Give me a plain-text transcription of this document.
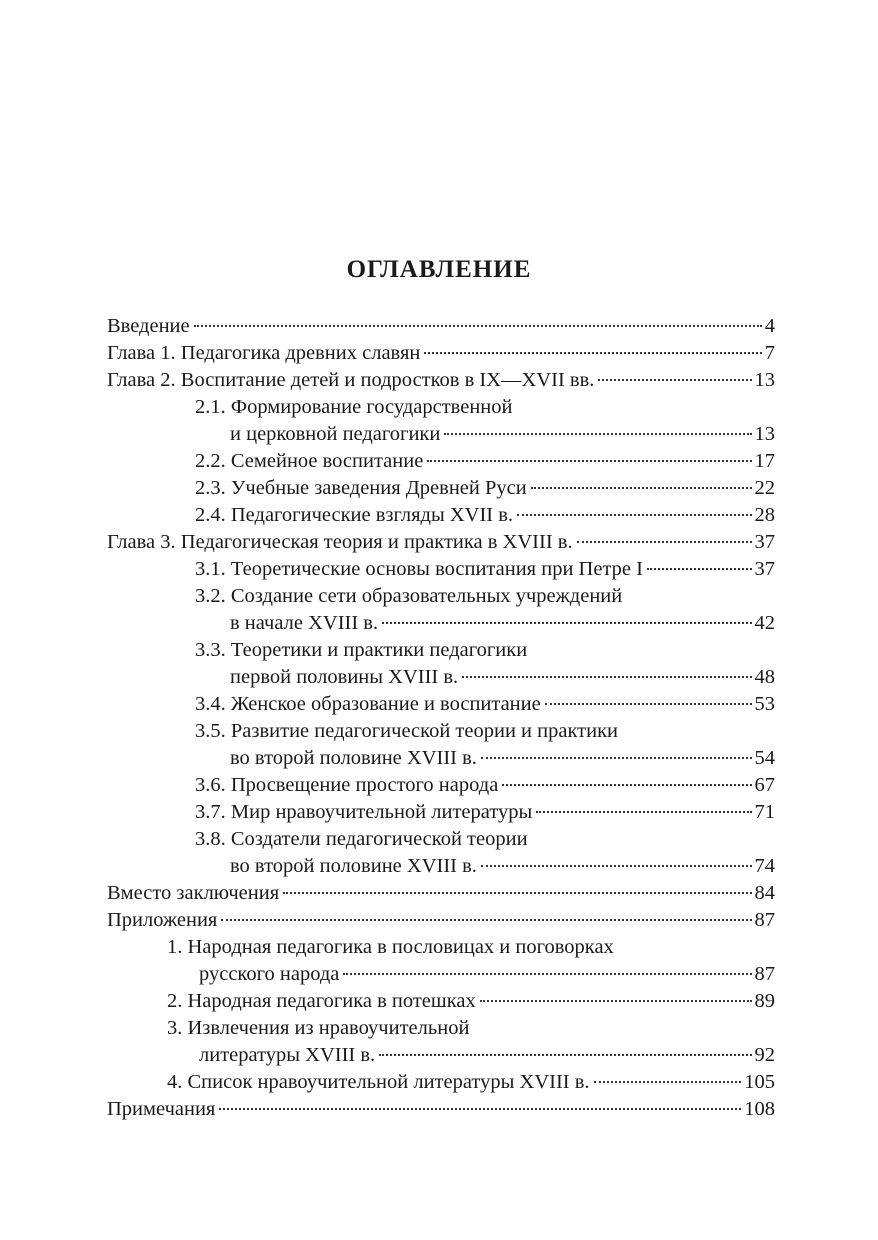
ОГЛАВЛЕНИЕ
Введение	4
Глава 1. Педагогика древних славян	7
Глава 2. Воспитание детей и подростков в IX—XVII вв.	13
2.1. Формирование государственной
и церковной педагогики	13
2.2. Семейное воспитание	17
2.3. Учебные заведения Древней Руси	22
2.4. Педагогические взгляды XVII в.	28
Глава 3. Педагогическая теория и практика в XVIII в.	37
3.1. Теоретические основы воспитания при Петре I	37
3.2. Создание сети образовательных учреждений
в начале XVIII в.	42
3.3. Теоретики и практики педагогики
первой половины XVIII в.	48
3.4. Женское образование и воспитание	53
3.5. Развитие педагогической теории и практики
во второй половине XVIII в.	54
3.6. Просвещение простого народа	67
3.7. Мир нравоучительной литературы	71
3.8. Создатели педагогической теории
во второй половине XVIII в.	74
Вместо заключения	84
Приложения	87
1. Народная педагогика в пословицах и поговорках
русского народа	87
2. Народная педагогика в потешках	89
3. Извлечения из нравоучительной
литературы XVIII в.	92
4. Список нравоучительной литературы XVIII в.	105
Примечания	108
